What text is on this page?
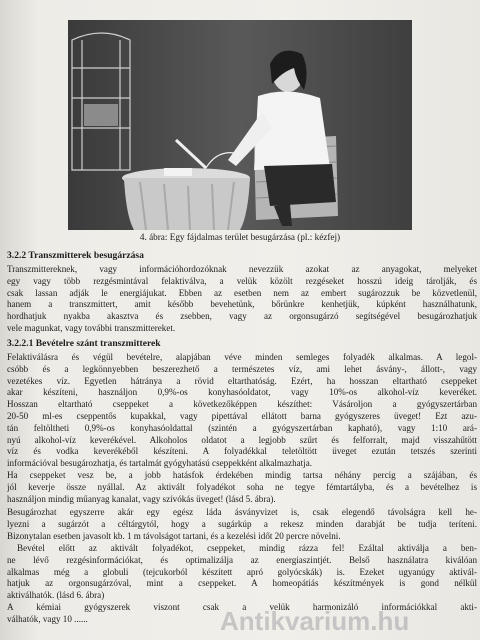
4. ábra: Egy fájdalmas terület besugárzása (pl.: kézfej)
3.2.2 Transzmitterek besugárzása
Transzmittereknek, vagy információhordozóknak nevezzük azokat az anyagokat, melyeket
egy vagy több rezgésmintával felaktiválva, a velük közölt rezgéseket hosszú ideig tárolják, és
csak lassan adják le energiájukat. Ebben az esetben nem az embert sugározzuk be közvetlenül,
hanem a transzmittert, amit később bevehetünk, bőrünkre kenhetjük, kúpként használhatunk,
hordhatjuk nyakba akasztva és zsebben, vagy az orgonsugárzó segítségével besugározhatjuk
vele magunkat, vagy további transzmittereket.
3.2.2.1 Bevételre szánt transzmitterek
Felaktiválásra és végül bevételre, alapjában véve minden semleges folyadék alkalmas. A legol-
csóbb és a legkönnyebben beszerezhető a természetes víz, ami lehet ásvány-, állott-, vagy
vezetékes víz. Egyetlen hátránya a rövid eltarthatóság. Ezért, ha hosszan eltartható cseppeket
akar készíteni, használjon 0,9%-os konyhasóoldatot, vagy 10%-os alkohol-víz keveréket.
Hosszan eltartható cseppeket a következőképpen készíthet: Vásároljon a gyógyszertárban
20-50 ml-es cseppentős kupakkal, vagy pipettával ellátott barna gyógyszeres üveget! Ezt azu-
tán feltöltheti 0,9%-os konyhasóoldattal (szintén a gyógyszertárban kapható), vagy 1:10 ará-
nyú alkohol-víz keverékével. Alkoholos oldatot a legjobb szűrt és felforralt, majd visszahűtött
víz és vodka keverékéből készíteni. A folyadékkal teletöltött üveget ezután tetszés szerinti
információval besugározhatja, és tartalmát gyógyhatású cseppekként alkalmazhatja.
Ha cseppeket vesz be, a jobb hatásfok érdekében mindig tartsa néhány percig a szájában, és
jól keverje össze nyállal. Az aktivált folyadékot soha ne tegye fémtartályba, és a bevételhez is
használjon mindig műanyag kanalat, vagy szívókás üveget! (lásd 5. ábra).
Besugározhat egyszerre akár egy egész láda ásványvizet is, csak elegendő távolságra kell he-
lyezni a sugárzót a céltárgytól, hogy a sugárkúp a rekesz minden darabját be tudja teríteni.
Bizonytalan esetben javasolt kb. 1 m távolságot tartani, és a kezelési időt 20 percre növelni.
Bevétel előtt az aktivált folyadékot, cseppeket, mindig rázza fel! Ezáltal aktiválja a ben-
ne lévő rezgésinformációkat, és optimalizálja az energiaszintjét. Belső használatra kiválóan
alkalmas még a globuli (tejcukorból készített apró golyócskák) is. Ezeket ugyanúgy aktivál-
hatjuk az orgonsugárzóval, mint a cseppeket. A homeopátiás készítmények is gond nélkül
aktiválhatók. (lásd 6. ábra)
A kémiai gyógyszerek viszont csak a velük harmonizáló információkkal akti-
válhatók, vagy 10 ......	Antikvarium.hu
